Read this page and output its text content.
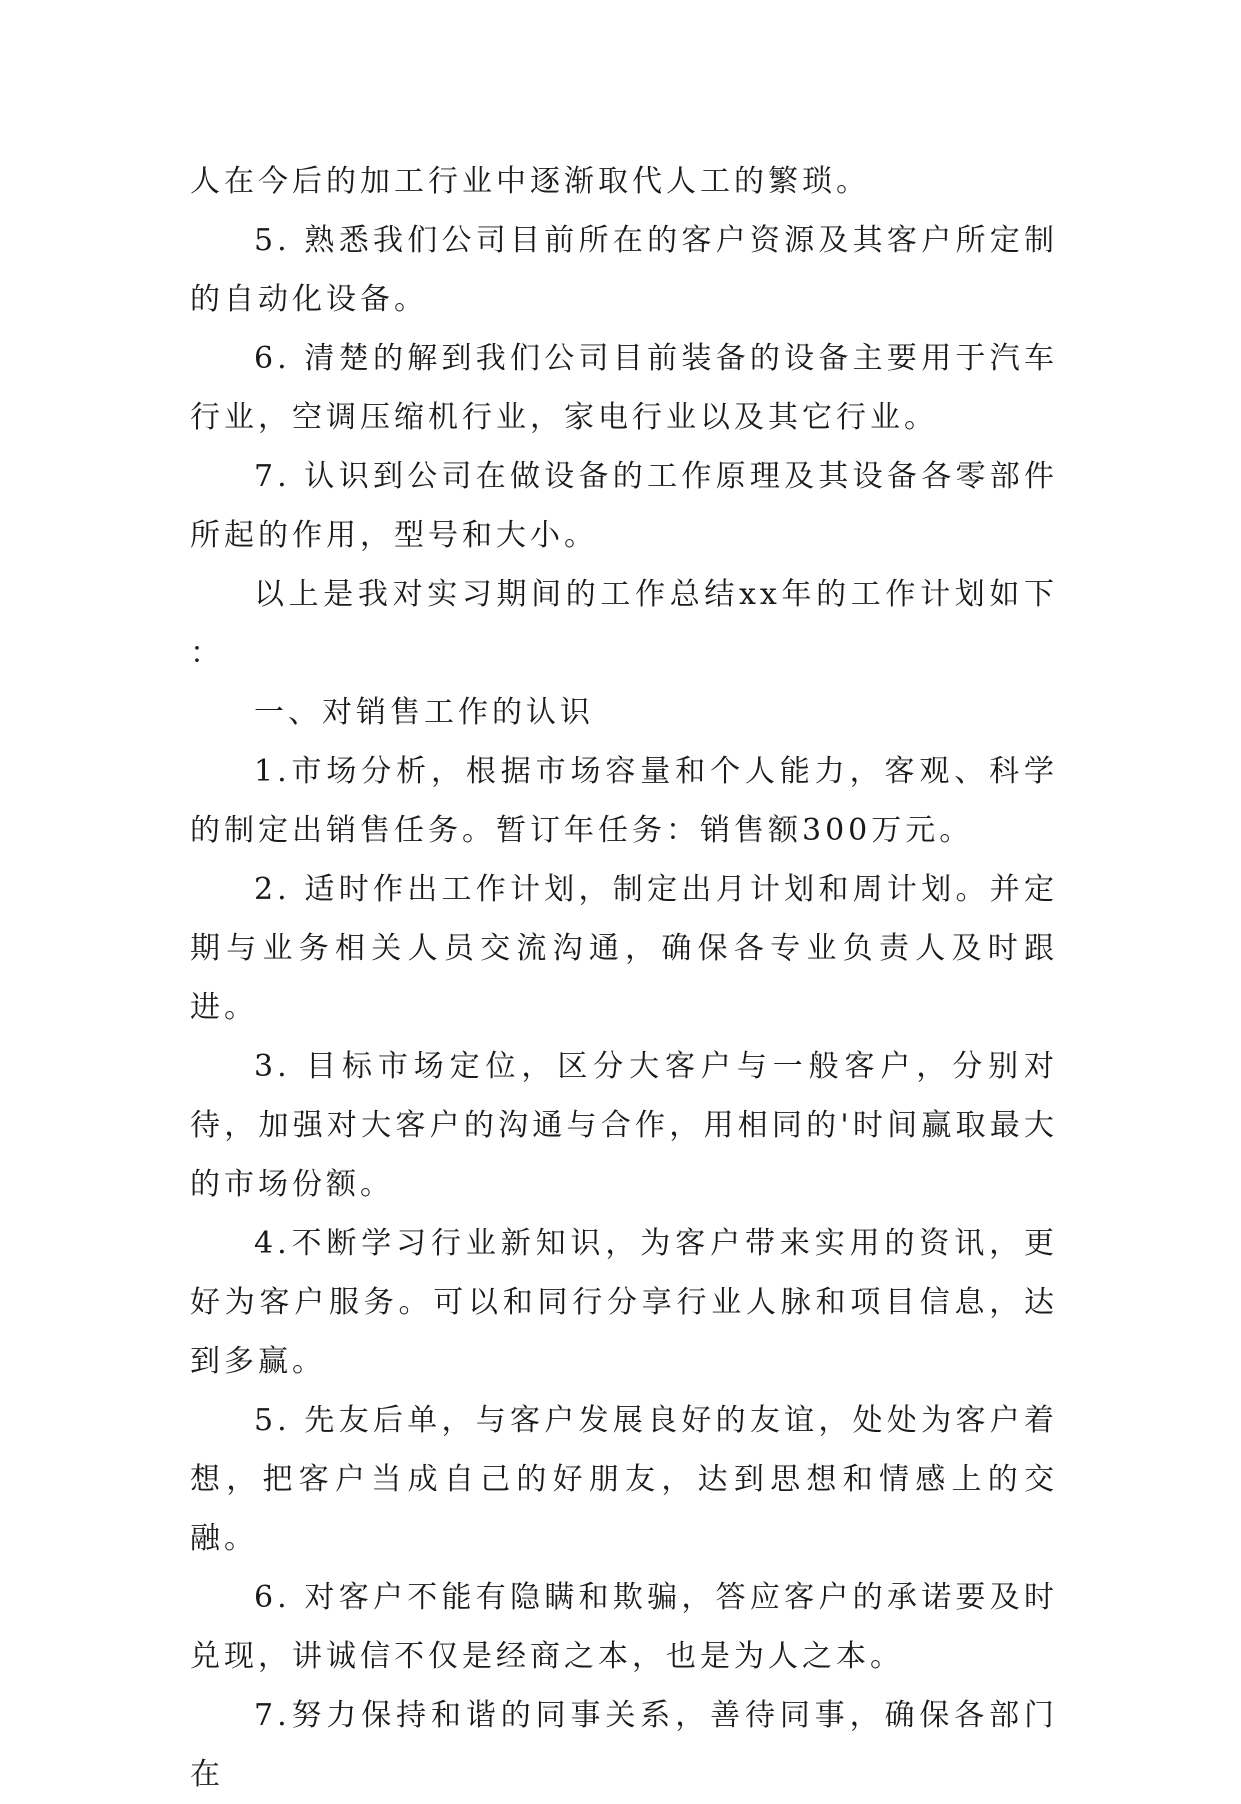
人在今后的加工行业中逐渐取代人工的繁琐。

5. 熟悉我们公司目前所在的客户资源及其客户所定制的自动化设备。

6. 清楚的解到我们公司目前装备的设备主要用于汽车行业，空调压缩机行业，家电行业以及其它行业。

7. 认识到公司在做设备的工作原理及其设备各零部件所起的作用，型号和大小。

以上是我对实习期间的工作总结xx年的工作计划如下 ：

一、对销售工作的认识

1.市场分析，根据市场容量和个人能力，客观、科学的制定出销售任务。暂订年任务：销售额300万元。

2. 适时作出工作计划，制定出月计划和周计划。并定期与业务相关人员交流沟通，确保各专业负责人及时跟进。

3. 目标市场定位，区分大客户与一般客户，分别对待，加强对大客户的沟通与合作，用相同的'时间赢取最大的市场份额。

4.不断学习行业新知识，为客户带来实用的资讯，更好为客户服务。可以和同行分享行业人脉和项目信息，达到多赢。

5. 先友后单，与客户发展良好的友谊，处处为客户着想，把客户当成自己的好朋友，达到思想和情感上的交融。

6. 对客户不能有隐瞒和欺骗，答应客户的承诺要及时兑现，讲诚信不仅是经商之本，也是为人之本。

7.努力保持和谐的同事关系，善待同事，确保各部门在
